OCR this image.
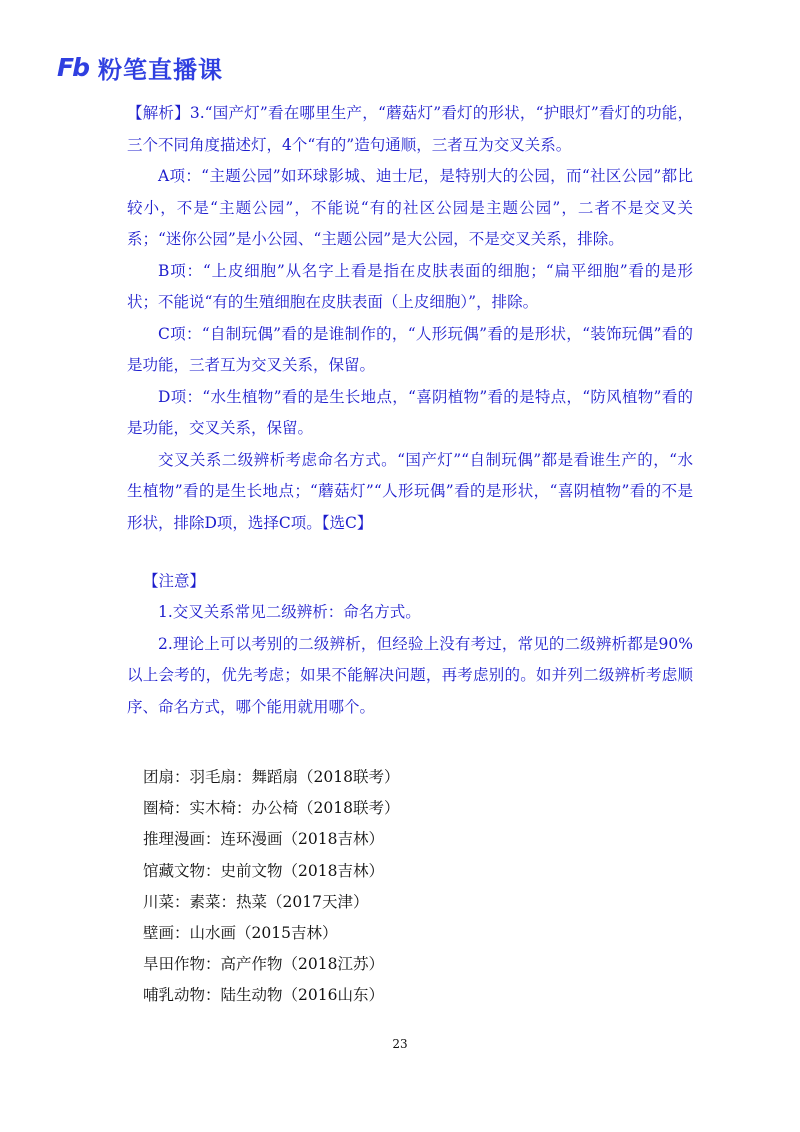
Fb 粉笔直播课

【解析】3.“国产灯”看在哪里生产，“蘑菇灯”看灯的形状，“护眼灯”看灯的功能，三个不同角度描述灯，4个“有的”造句通顺，三者互为交叉关系。

A项：“主题公园”如环球影城、迪士尼，是特别大的公园，而“社区公园”都比较小，不是“主题公园”，不能说“有的社区公园是主题公园”，二者不是交叉关系；“迷你公园”是小公园、“主题公园”是大公园，不是交叉关系，排除。

B项：“上皮细胞”从名字上看是指在皮肤表面的细胞；“扁平细胞”看的是形状；不能说“有的生殖细胞在皮肤表面（上皮细胞）”，排除。

C项：“自制玩偶”看的是谁制作的，“人形玩偶”看的是形状，“装饰玩偶”看的是功能，三者互为交叉关系，保留。

D项：“水生植物”看的是生长地点，“喜阴植物”看的是特点，“防风植物”看的是功能，交叉关系，保留。

交叉关系二级辨析考虑命名方式。“国产灯”“自制玩偶”都是看谁生产的，“水生植物”看的是生长地点；“蘑菇灯”“人形玩偶”看的是形状，“喜阴植物”看的不是形状，排除D项，选择C项。【选C】

【注意】

1.交叉关系常见二级辨析：命名方式。

2.理论上可以考别的二级辨析，但经验上没有考过，常见的二级辨析都是90%以上会考的，优先考虑；如果不能解决问题，再考虑别的。如并列二级辨析考虑顺序、命名方式，哪个能用就用哪个。

团扇：羽毛扇：舞蹈扇（2018联考）

圈椅：实木椅：办公椅（2018联考）

推理漫画：连环漫画（2018吉林）

馆藏文物：史前文物（2018吉林）

川菜：素菜：热菜（2017天津）

壁画：山水画（2015吉林）

旱田作物：高产作物（2018江苏）

哺乳动物：陆生动物（2016山东）

23
